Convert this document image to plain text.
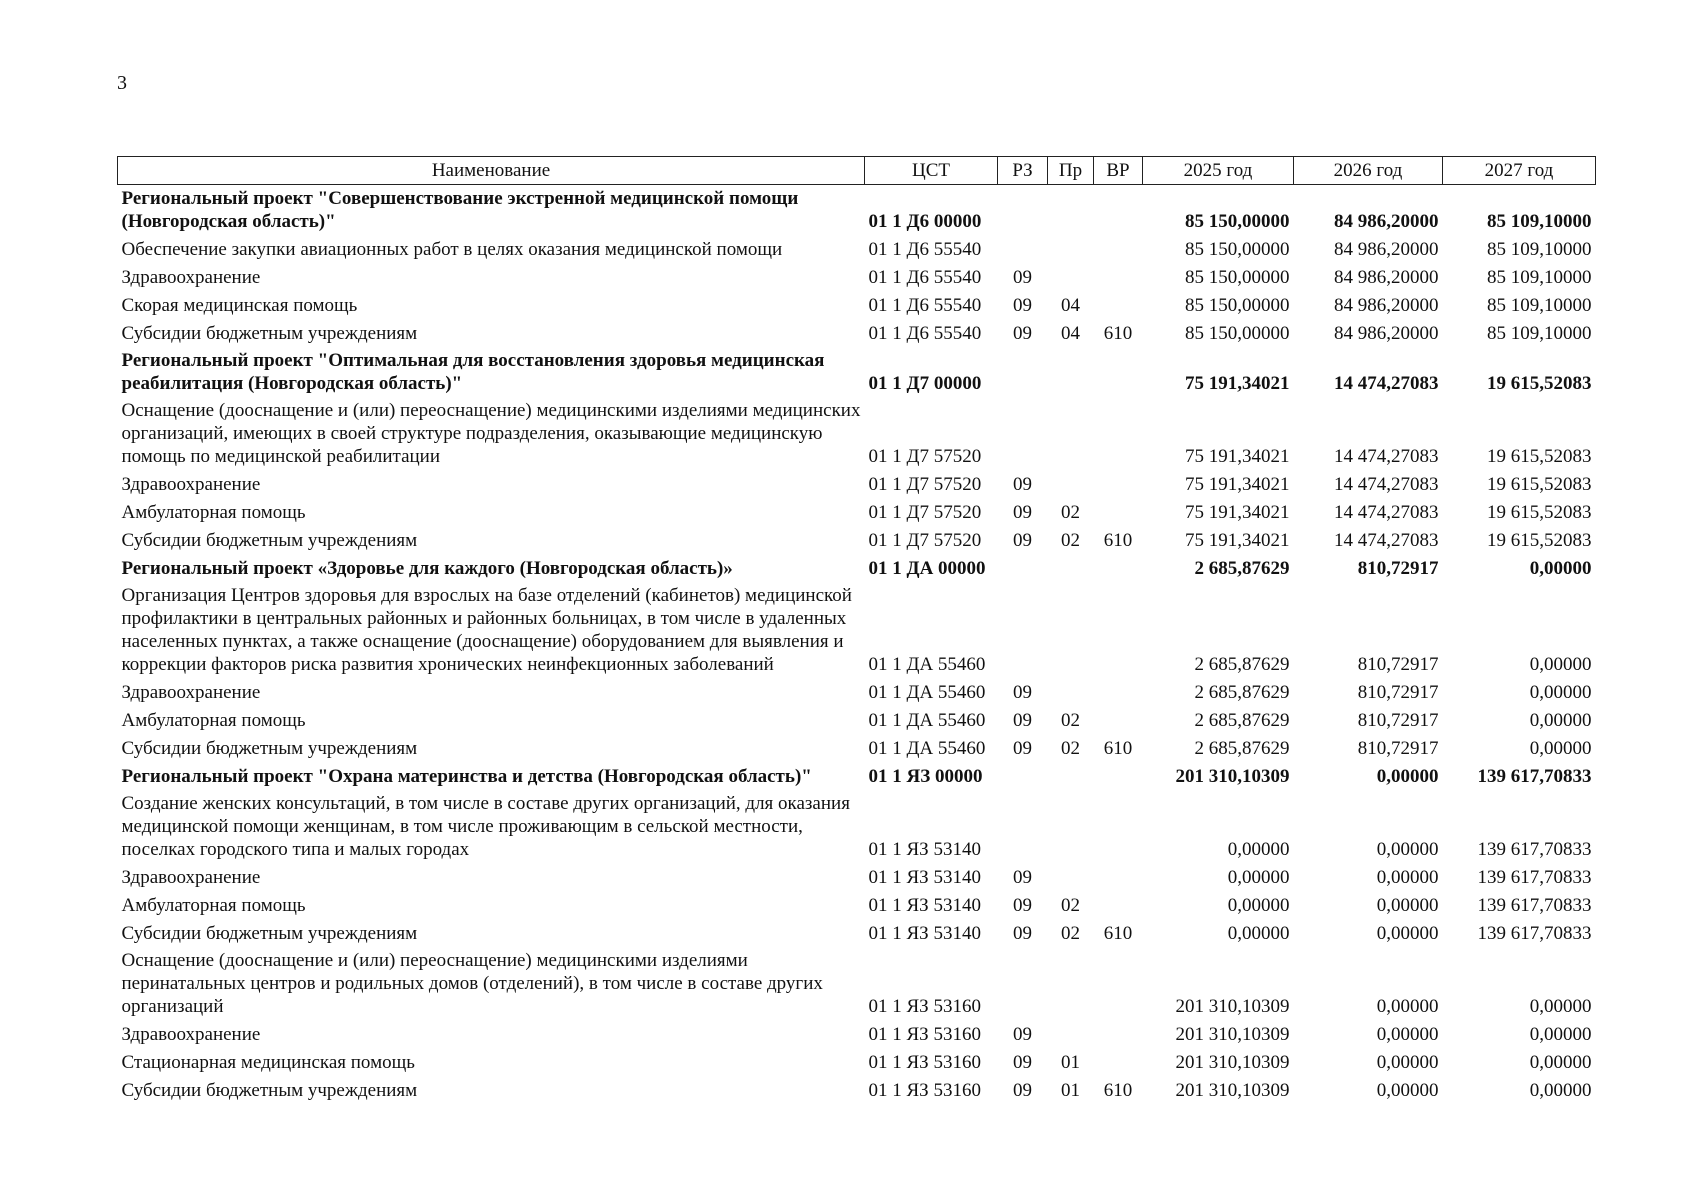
3
Наименование	ЦСТ	РЗ	Пр	ВР	2025 год	2026 год	2027 год
Региональный проект "Совершенствование экстренной медицинской помощи (Новгородская область)"	01 1 Д6 00000				85 150,00000	84 986,20000	85 109,10000
Обеспечение закупки авиационных работ в целях оказания медицинской помощи	01 1 Д6 55540				85 150,00000	84 986,20000	85 109,10000
Здравоохранение	01 1 Д6 55540	09			85 150,00000	84 986,20000	85 109,10000
Скорая медицинская помощь	01 1 Д6 55540	09	04		85 150,00000	84 986,20000	85 109,10000
Субсидии бюджетным учреждениям	01 1 Д6 55540	09	04	610	85 150,00000	84 986,20000	85 109,10000
Региональный проект "Оптимальная для восстановления здоровья медицинская реабилитация (Новгородская область)"	01 1 Д7 00000				75 191,34021	14 474,27083	19 615,52083
Оснащение (дооснащение и (или) переоснащение) медицинскими изделиями медицинских организаций, имеющих в своей структуре подразделения, оказывающие медицинскую помощь по медицинской реабилитации	01 1 Д7 57520				75 191,34021	14 474,27083	19 615,52083
Здравоохранение	01 1 Д7 57520	09			75 191,34021	14 474,27083	19 615,52083
Амбулаторная помощь	01 1 Д7 57520	09	02		75 191,34021	14 474,27083	19 615,52083
Субсидии бюджетным учреждениям	01 1 Д7 57520	09	02	610	75 191,34021	14 474,27083	19 615,52083
Региональный проект «Здоровье для каждого (Новгородская область)»	01 1 ДА 00000				2 685,87629	810,72917	0,00000
Организация Центров здоровья для взрослых на базе отделений (кабинетов) медицинской профилактики в центральных районных и районных больницах, в том числе в удаленных населенных пунктах, а также оснащение (дооснащение) оборудованием для выявления и коррекции факторов риска развития хронических неинфекционных заболеваний	01 1 ДА 55460				2 685,87629	810,72917	0,00000
Здравоохранение	01 1 ДА 55460	09			2 685,87629	810,72917	0,00000
Амбулаторная помощь	01 1 ДА 55460	09	02		2 685,87629	810,72917	0,00000
Субсидии бюджетным учреждениям	01 1 ДА 55460	09	02	610	2 685,87629	810,72917	0,00000
Региональный проект "Охрана материнства и детства (Новгородская область)"	01 1 ЯЗ 00000				201 310,10309	0,00000	139 617,70833
Создание женских консультаций, в том числе в составе других организаций, для оказания медицинской помощи женщинам, в том числе проживающим в сельской местности, поселках городского типа и малых городах	01 1 ЯЗ 53140				0,00000	0,00000	139 617,70833
Здравоохранение	01 1 ЯЗ 53140	09			0,00000	0,00000	139 617,70833
Амбулаторная помощь	01 1 ЯЗ 53140	09	02		0,00000	0,00000	139 617,70833
Субсидии бюджетным учреждениям	01 1 ЯЗ 53140	09	02	610	0,00000	0,00000	139 617,70833
Оснащение (дооснащение и (или) переоснащение) медицинскими изделиями перинатальных центров и родильных домов (отделений), в том числе в составе других организаций	01 1 ЯЗ 53160				201 310,10309	0,00000	0,00000
Здравоохранение	01 1 ЯЗ 53160	09			201 310,10309	0,00000	0,00000
Стационарная медицинская помощь	01 1 ЯЗ 53160	09	01		201 310,10309	0,00000	0,00000
Субсидии бюджетным учреждениям	01 1 ЯЗ 53160	09	01	610	201 310,10309	0,00000	0,00000
